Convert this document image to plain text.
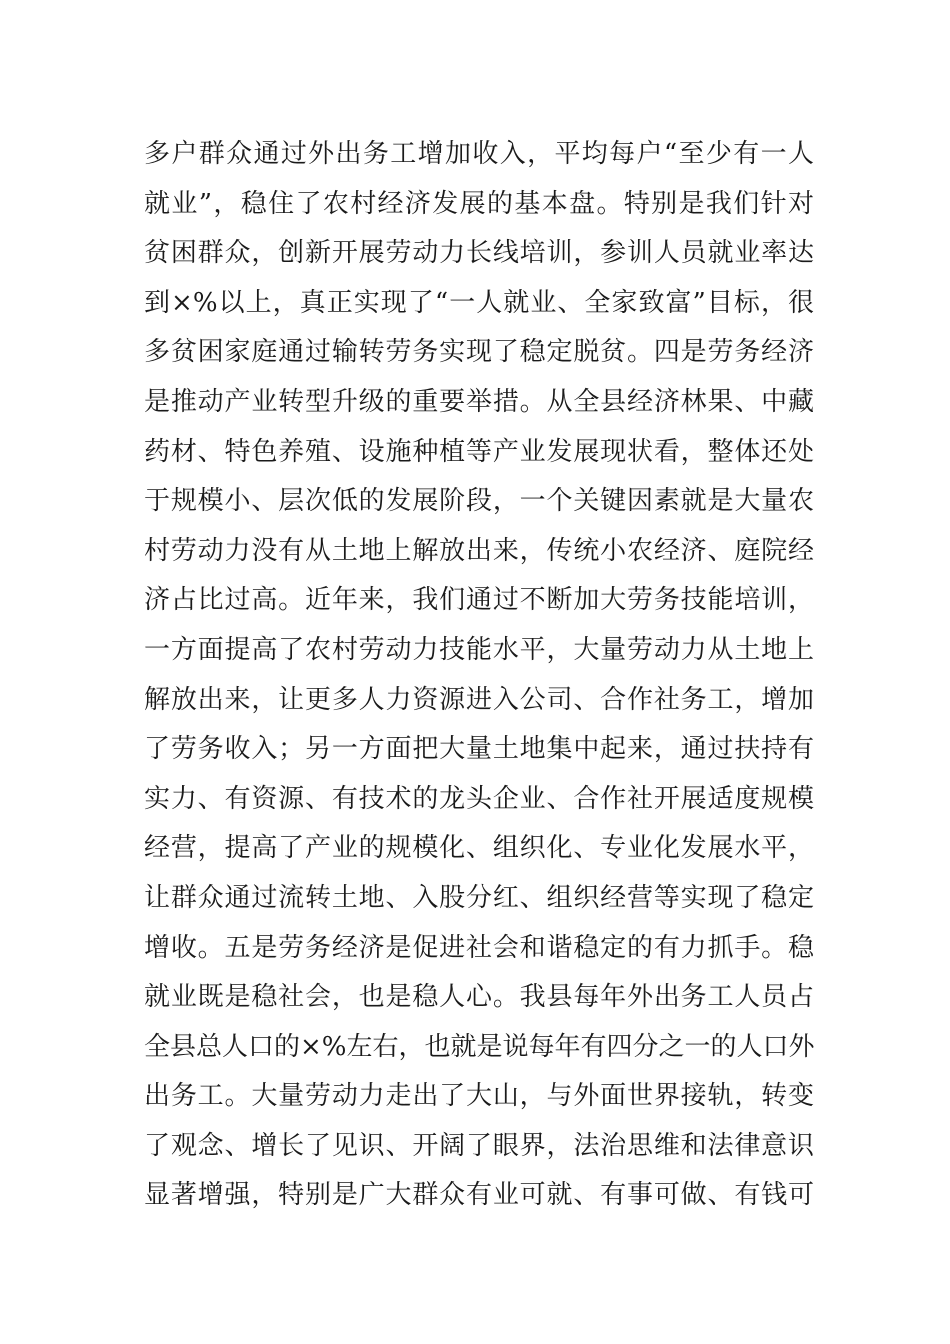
多户群众通过外出务工增加收入，平均每户“至少有一人
就业”，稳住了农村经济发展的基本盘。特别是我们针对
贫困群众，创新开展劳动力长线培训，参训人员就业率达
到×%以上，真正实现了“一人就业、全家致富”目标，很
多贫困家庭通过输转劳务实现了稳定脱贫。四是劳务经济
是推动产业转型升级的重要举措。从全县经济林果、中藏
药材、特色养殖、设施种植等产业发展现状看，整体还处
于规模小、层次低的发展阶段，一个关键因素就是大量农
村劳动力没有从土地上解放出来，传统小农经济、庭院经
济占比过高。近年来，我们通过不断加大劳务技能培训，
一方面提高了农村劳动力技能水平，大量劳动力从土地上
解放出来，让更多人力资源进入公司、合作社务工，增加
了劳务收入；另一方面把大量土地集中起来，通过扶持有
实力、有资源、有技术的龙头企业、合作社开展适度规模
经营，提高了产业的规模化、组织化、专业化发展水平，
让群众通过流转土地、入股分红、组织经营等实现了稳定
增收。五是劳务经济是促进社会和谐稳定的有力抓手。稳
就业既是稳社会，也是稳人心。我县每年外出务工人员占
全县总人口的×%左右，也就是说每年有四分之一的人口外
出务工。大量劳动力走出了大山，与外面世界接轨，转变
了观念、增长了见识、开阔了眼界，法治思维和法律意识
显著增强，特别是广大群众有业可就、有事可做、有钱可
